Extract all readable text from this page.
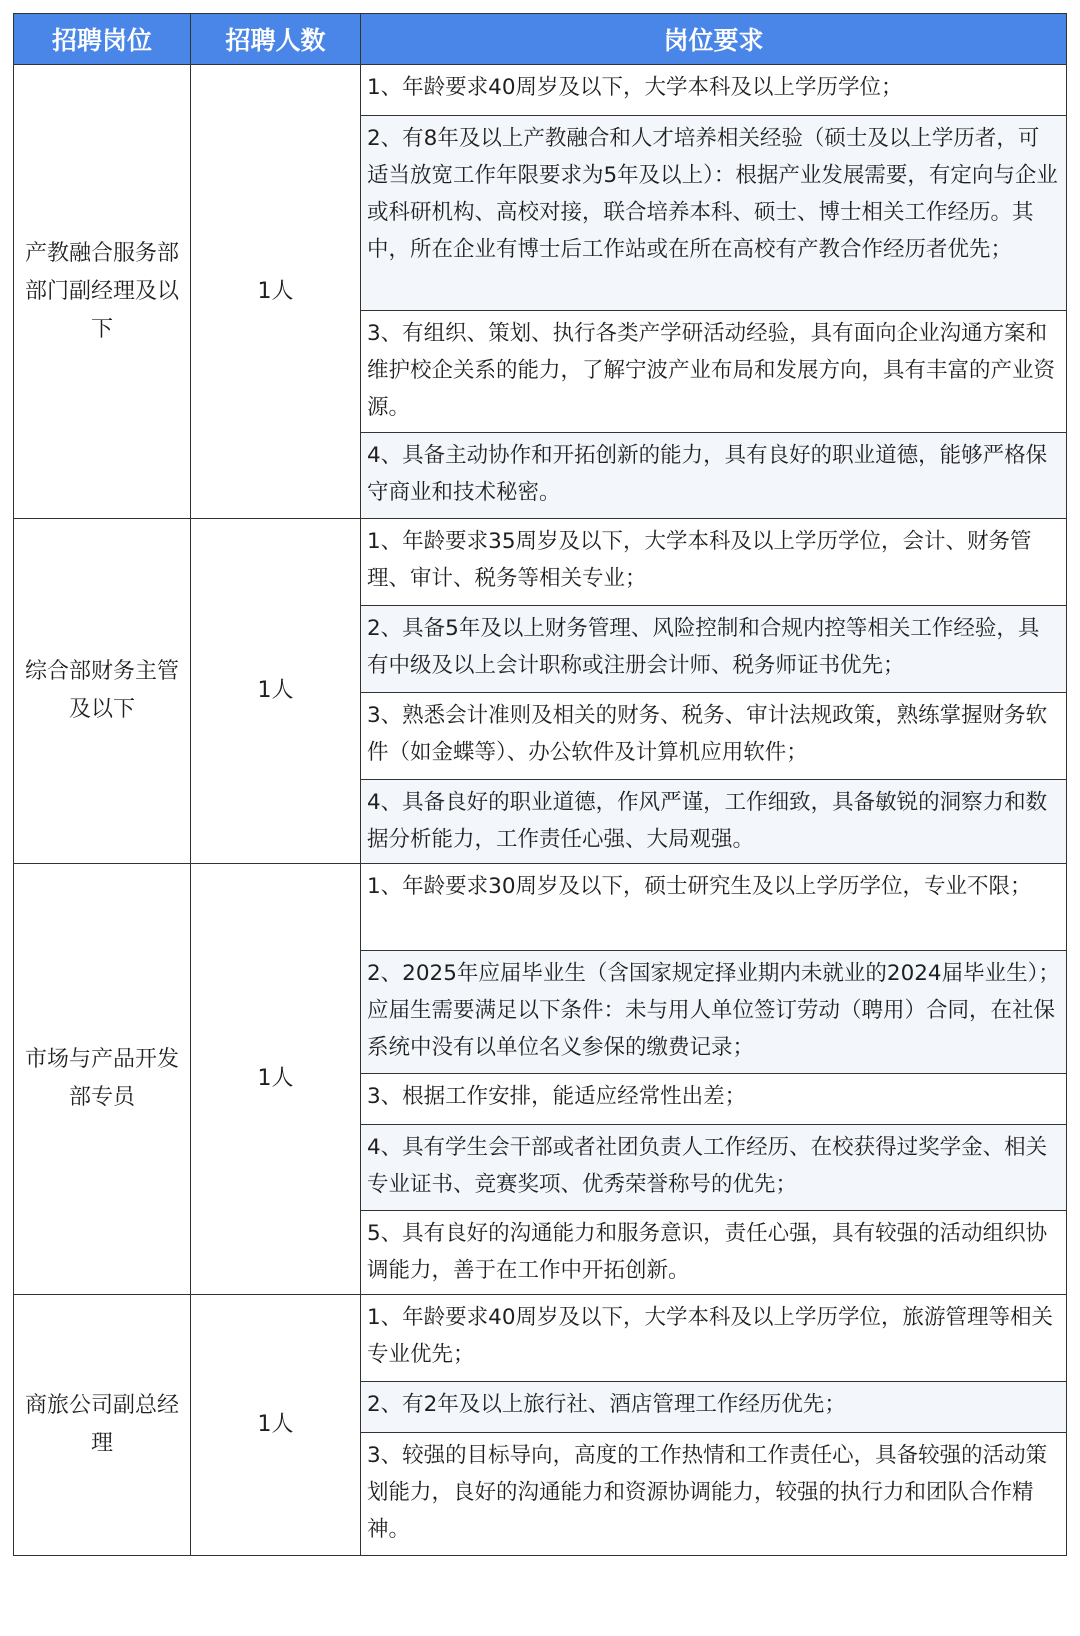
招聘岗位	招聘人数	岗位要求
产教融合服务部部门副经理及以下
1人
1、年龄要求40周岁及以下，大学本科及以上学历学位；
2、有8年及以上产教融合和人才培养相关经验（硕士及以上学历者，可适当放宽工作年限要求为5年及以上）：根据产业发展需要，有定向与企业或科研机构、高校对接，联合培养本科、硕士、博士相关工作经历。其中，所在企业有博士后工作站或在所在高校有产教合作经历者优先；
3、有组织、策划、执行各类产学研活动经验，具有面向企业沟通方案和维护校企关系的能力，了解宁波产业布局和发展方向，具有丰富的产业资源。
4、具备主动协作和开拓创新的能力，具有良好的职业道德，能够严格保守商业和技术秘密。
综合部财务主管及以下
1人
1、年龄要求35周岁及以下，大学本科及以上学历学位，会计、财务管理、审计、税务等相关专业；
2、具备5年及以上财务管理、风险控制和合规内控等相关工作经验，具有中级及以上会计职称或注册会计师、税务师证书优先；
3、熟悉会计准则及相关的财务、税务、审计法规政策，熟练掌握财务软件（如金蝶等）、办公软件及计算机应用软件；
4、具备良好的职业道德，作风严谨，工作细致，具备敏锐的洞察力和数据分析能力，工作责任心强、大局观强。
市场与产品开发部专员
1人
1、年龄要求30周岁及以下，硕士研究生及以上学历学位，专业不限；
2、2025年应届毕业生（含国家规定择业期内未就业的2024届毕业生）；应届生需要满足以下条件：未与用人单位签订劳动（聘用）合同，在社保系统中没有以单位名义参保的缴费记录；
3、根据工作安排，能适应经常性出差；
4、具有学生会干部或者社团负责人工作经历、在校获得过奖学金、相关专业证书、竞赛奖项、优秀荣誉称号的优先；
5、具有良好的沟通能力和服务意识，责任心强，具有较强的活动组织协调能力，善于在工作中开拓创新。
商旅公司副总经理
1人
1、年龄要求40周岁及以下，大学本科及以上学历学位，旅游管理等相关专业优先；
2、有2年及以上旅行社、酒店管理工作经历优先；
3、较强的目标导向，高度的工作热情和工作责任心，具备较强的活动策划能力，良好的沟通能力和资源协调能力，较强的执行力和团队合作精神。
